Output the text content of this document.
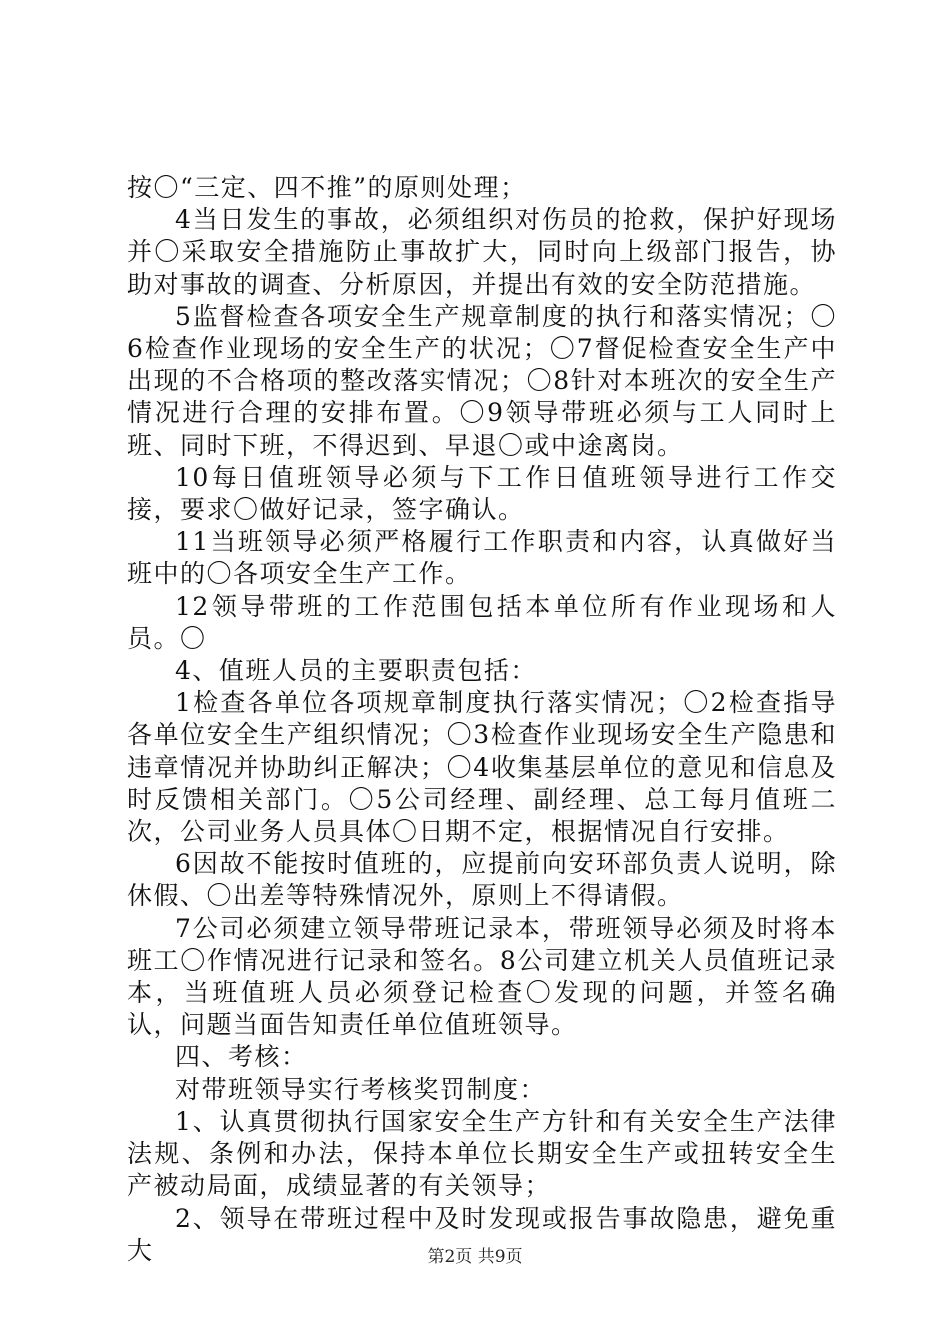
按〇“三定、四不推”的原则处理；

4当日发生的事故，必须组织对伤员的抢救，保护好现场并〇采取安全措施防止事故扩大，同时向上级部门报告，协助对事故的调查、分析原因，并提出有效的安全防范措施。

5监督检查各项安全生产规章制度的执行和落实情况；〇6检查作业现场的安全生产的状况；〇7督促检查安全生产中出现的不合格项的整改落实情况；〇8针对本班次的安全生产情况进行合理的安排布置。〇9领导带班必须与工人同时上班、同时下班，不得迟到、早退〇或中途离岗。

10每日值班领导必须与下工作日值班领导进行工作交接，要求〇做好记录，签字确认。

11当班领导必须严格履行工作职责和内容，认真做好当班中的〇各项安全生产工作。

12领导带班的工作范围包括本单位所有作业现场和人员。〇

4、值班人员的主要职责包括：

1检查各单位各项规章制度执行落实情况；〇2检查指导各单位安全生产组织情况；〇3检查作业现场安全生产隐患和违章情况并协助纠正解决；〇4收集基层单位的意见和信息及时反馈相关部门。〇5公司经理、副经理、总工每月值班二次，公司业务人员具体〇日期不定，根据情况自行安排。

6因故不能按时值班的，应提前向安环部负责人说明，除休假、〇出差等特殊情况外，原则上不得请假。

7公司必须建立领导带班记录本，带班领导必须及时将本班工〇作情况进行记录和签名。8公司建立机关人员值班记录本，当班值班人员必须登记检查〇发现的问题，并签名确认，问题当面告知责任单位值班领导。

四、考核：

对带班领导实行考核奖罚制度：

1、认真贯彻执行国家安全生产方针和有关安全生产法律法规、条例和办法，保持本单位长期安全生产或扭转安全生产被动局面，成绩显著的有关领导；

2、领导在带班过程中及时发现或报告事故隐患，避免重大	第2页 共9页
